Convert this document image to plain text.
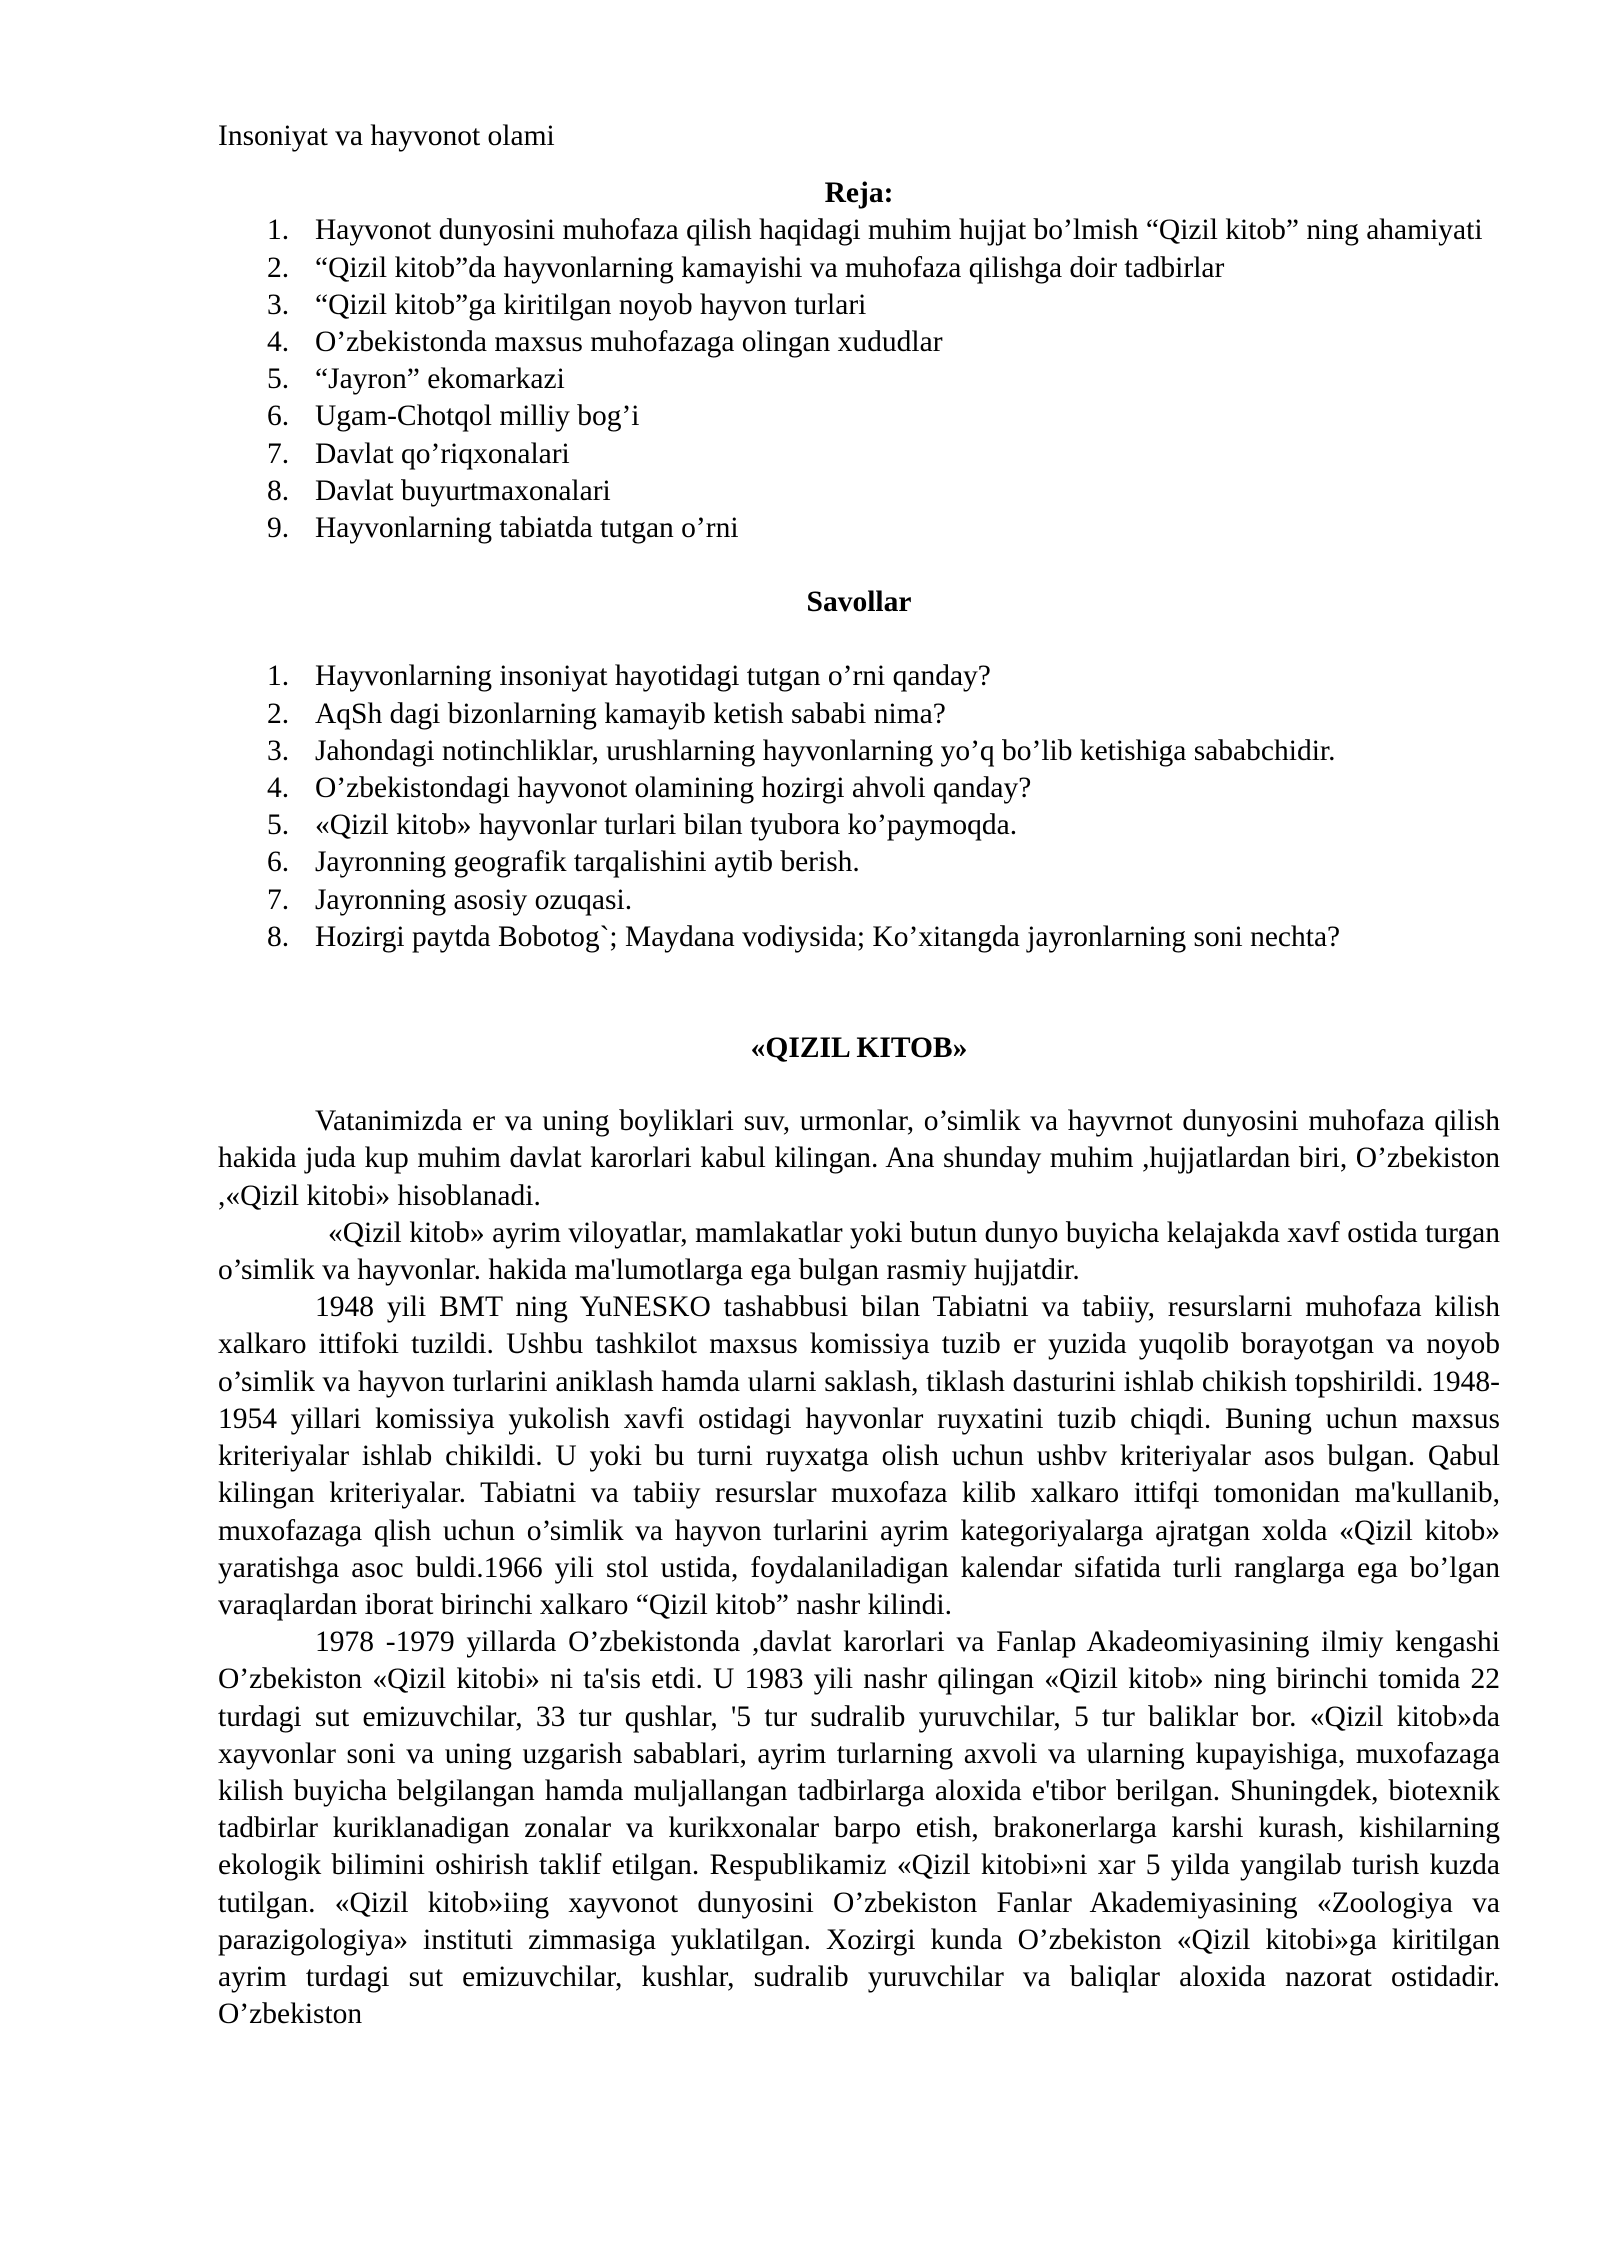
Insoniyat va hayvonot olami

Reja:

1. Hayvonot dunyosini muhofaza qilish haqidagi muhim hujjat bo’lmish “Qizil kitob” ning ahamiyati
2. “Qizil kitob”da hayvonlarning kamayishi va muhofaza qilishga doir tadbirlar
3. “Qizil kitob”ga kiritilgan noyob hayvon turlari
4. O’zbekistonda maxsus muhofazaga olingan xududlar
5. “Jayron” ekomarkazi
6. Ugam-Chotqol milliy bog’i
7. Davlat qo’riqxonalari
8. Davlat buyurtmaxonalari
9. Hayvonlarning tabiatda tutgan o’rni

Savollar

1. Hayvonlarning insoniyat hayotidagi tutgan o’rni qanday?
2. AqSh dagi bizonlarning kamayib ketish sababi nima?
3. Jahondagi notinchliklar, urushlarning hayvonlarning yo’q bo’lib ketishiga sababchidir.
4. O’zbekistondagi hayvonot olamining hozirgi ahvoli qanday?
5. «Qizil kitob» hayvonlar turlari bilan tyubora ko’paymoqda.
6. Jayronning geografik tarqalishini aytib berish.
7. Jayronning asosiy ozuqasi.
8. Hozirgi paytda Bobotog`; Maydana vodiysida; Ko’xitangda jayronlarning soni nechta?

«QIZIL KITOB»

Vatanimizda er va uning boyliklari suv, urmonlar, o’simlik va hayvrnot dunyosini muhofaza qilish hakida juda kup muhim davlat karorlari kabul kilingan. Ana shunday muhim ,hujjatlardan biri, O’zbekiston ,«Qizil kitobi» hisoblanadi.

«Qizil kitob» ayrim viloyatlar, mamlakatlar yoki butun dunyo buyicha kelajakda xavf ostida turgan o’simlik va hayvonlar. hakida ma'lumotlarga ega bulgan rasmiy hujjatdir.

1948 yili BMT ning YuNESKO tashabbusi bilan Tabiatni va tabiiy, resurslarni muhofaza kilish xalkaro ittifoki tuzildi. Ushbu tashkilot maxsus komissiya tuzib er yuzida yuqolib borayotgan va noyob o’simlik va hayvon turlarini aniklash hamda ularni saklash, tiklash dasturini ishlab chikish topshirildi. 1948-1954 yillari komissiya yukolish xavfi ostidagi hayvonlar ruyxatini tuzib chiqdi. Buning uchun maxsus kriteriyalar ishlab chikildi. U yoki bu turni ruyxatga olish uchun ushbv kriteriyalar asos bulgan. Qabul kilingan kriteriyalar. Tabiatni va tabiiy resurslar muxofaza kilib xalkaro ittifqi tomonidan ma'kullanib, muxofazaga qlish uchun o’simlik va hayvon turlarini ayrim kategoriyalarga ajratgan xolda «Qizil kitob» yaratishga asoc buldi.1966 yili stol ustida, foydalaniladigan kalendar sifatida turli ranglarga ega bo’lgan varaqlardan iborat birinchi xalkaro “Qizil kitob” nashr kilindi.

1978 -1979 yillarda O’zbekistonda ,davlat karorlari va Fanlap Akadeomiyasining ilmiy kengashi O’zbekiston «Qizil kitobi» ni ta'sis etdi. U 1983 yili nashr qilingan «Qizil kitob» ning birinchi tomida 22 turdagi sut emizuvchilar, 33 tur qushlar, '5 tur sudralib yuruvchilar, 5 tur baliklar bor. «Qizil kitob»da xayvonlar soni va uning uzgarish sabablari, ayrim turlarning axvoli va ularning kupayishiga, muxofazaga kilish buyicha belgilangan hamda muljallangan tadbirlarga aloxida e'tibor berilgan. Shuningdek, biotexnik tadbirlar kuriklanadigan zonalar va kurikxonalar barpo etish, brakonerlarga karshi kurash, kishilarning ekologik bilimini oshirish taklif etilgan. Respublikamiz «Qizil kitobi»ni xar 5 yilda yangilab turish kuzda tutilgan. «Qizil kitob»iing xayvonot dunyosini O’zbekiston Fanlar Akademiyasining «Zoologiya va parazigologiya» instituti zimmasiga yuklatilgan. Xozirgi kunda O’zbekiston «Qizil kitobi»ga kiritilgan ayrim turdagi sut emizuvchilar, kushlar, sudralib yuruvchilar va baliqlar aloxida nazorat ostidadir. O’zbekiston
